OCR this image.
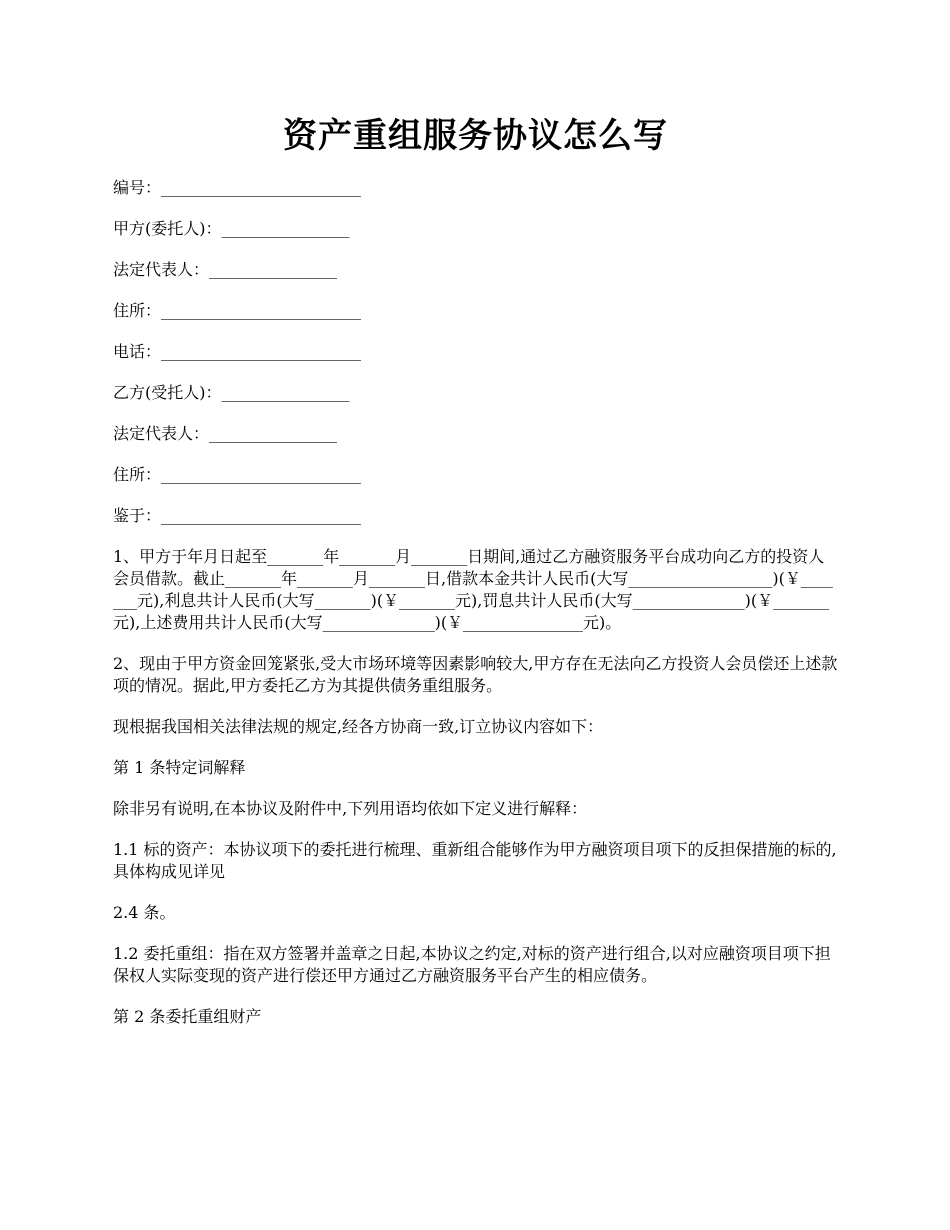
资产重组服务协议怎么写
编号：_________________________
甲方(委托人)：________________
法定代表人：________________
住所：_________________________
电话：_________________________
乙方(受托人)：________________
法定代表人：________________
住所：_________________________
鉴于：_________________________

1、甲方于年月日起至_______年_______月_______日期间,通过乙方融资服务平台成功向乙方的投资人会员借款。截止_______年_______月_______日,借款本金共计人民币(大写__________________)(￥_______元),利息共计人民币(大写_______)(￥_______元),罚息共计人民币(大写______________)(￥_______元),上述费用共计人民币(大写______________)(￥_______________元)。

2、现由于甲方资金回笼紧张,受大市场环境等因素影响较大,甲方存在无法向乙方投资人会员偿还上述款项的情况。据此,甲方委托乙方为其提供债务重组服务。

现根据我国相关法律法规的规定,经各方协商一致,订立协议内容如下：

第 1 条特定词解释

除非另有说明,在本协议及附件中,下列用语均依如下定义进行解释：

1.1 标的资产：本协议项下的委托进行梳理、重新组合能够作为甲方融资项目项下的反担保措施的标的,具体构成见详见

2.4 条。

1.2 委托重组：指在双方签署并盖章之日起,本协议之约定,对标的资产进行组合,以对应融资项目项下担保权人实际变现的资产进行偿还甲方通过乙方融资服务平台产生的相应债务。

第 2 条委托重组财产
